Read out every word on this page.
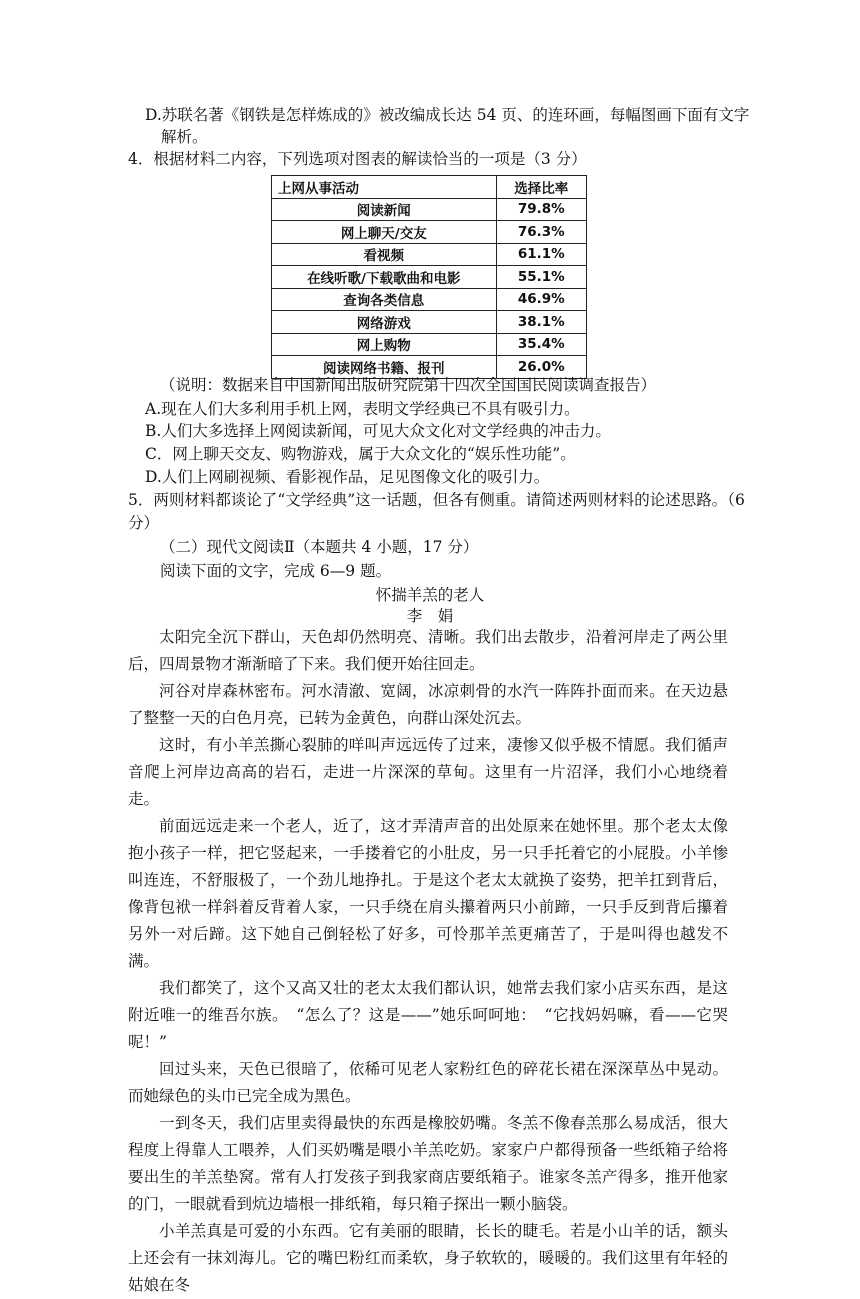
D.苏联名著《钢铁是怎样炼成的》被改编成长达 54 页、的连环画，每幅图画下面有文字
解析。
4．根据材料二内容，下列选项对图表的解读恰当的一项是（3 分）
上网从事活动	选择比率
阅读新闻	79.8%
网上聊天/交友	76.3%
看视频	61.1%
在线听歌/下载歌曲和电影	55.1%
查询各类信息	46.9%
网络游戏	38.1%
网上购物	35.4%
阅读网络书籍、报刊	26.0%
（说明：数据来自中国新闻出版研究院第十四次全国国民阅读调查报告）
A.现在人们大多利用手机上网，表明文学经典已不具有吸引力。
B.人们大多选择上网阅读新闻，可见大众文化对文学经典的冲击力。
C．网上聊天交友、购物游戏，属于大众文化的“娱乐性功能”。
D.人们上网刷视频、看影视作品，足见图像文化的吸引力。
5．两则材料都谈论了“文学经典”这一话题，但各有侧重。请简述两则材料的论述思路。（6
分）
（二）现代文阅读Ⅱ（本题共 4 小题，17 分）
阅读下面的文字，完成 6—9 题。
怀揣羊羔的老人
李　娟

太阳完全沉下群山，天色却仍然明亮、清晰。我们出去散步，沿着河岸走了两公里后，四周景物才渐渐暗了下来。我们便开始往回走。

河谷对岸森林密布。河水清澈、宽阔，冰凉刺骨的水汽一阵阵扑面而来。在天边悬了整整一天的白色月亮，已转为金黄色，向群山深处沉去。

这时，有小羊羔撕心裂肺的咩叫声远远传了过来，凄惨又似乎极不情愿。我们循声音爬上河岸边高高的岩石，走进一片深深的草甸。这里有一片沼泽，我们小心地绕着走。

前面远远走来一个老人，近了，这才弄清声音的出处原来在她怀里。那个老太太像抱小孩子一样，把它竖起来，一手搂着它的小肚皮，另一只手托着它的小屁股。小羊惨叫连连，不舒服极了，一个劲儿地挣扎。于是这个老太太就换了姿势，把羊扛到背后，像背包袱一样斜着反背着人家，一只手绕在肩头攥着两只小前蹄，一只手反到背后攥着另外一对后蹄。这下她自己倒轻松了好多，可怜那羊羔更痛苦了，于是叫得也越发不满。

我们都笑了，这个又高又壮的老太太我们都认识，她常去我们家小店买东西，是这附近唯一的维吾尔族。　“怎么了？这是——”她乐呵呵地：　“它找妈妈嘛，看——它哭呢！”

回过头来，天色已很暗了，依稀可见老人家粉红色的碎花长裙在深深草丛中晃动。而她绿色的头巾已完全成为黑色。

一到冬天，我们店里卖得最快的东西是橡胶奶嘴。冬羔不像春羔那么易成活，很大程度上得靠人工喂养，人们买奶嘴是喂小羊羔吃奶。家家户户都得预备一些纸箱子给将要出生的羊羔垫窝。常有人打发孩子到我家商店要纸箱子。谁家冬羔产得多，推开他家的门，一眼就看到炕边墙根一排纸箱，每只箱子探出一颗小脑袋。

小羊羔真是可爱的小东西。它有美丽的眼睛，长长的睫毛。若是小山羊的话，额头上还会有一抹刘海儿。它的嘴巴粉红而柔软，身子软软的，暖暖的。我们这里有年轻的姑娘在冬
